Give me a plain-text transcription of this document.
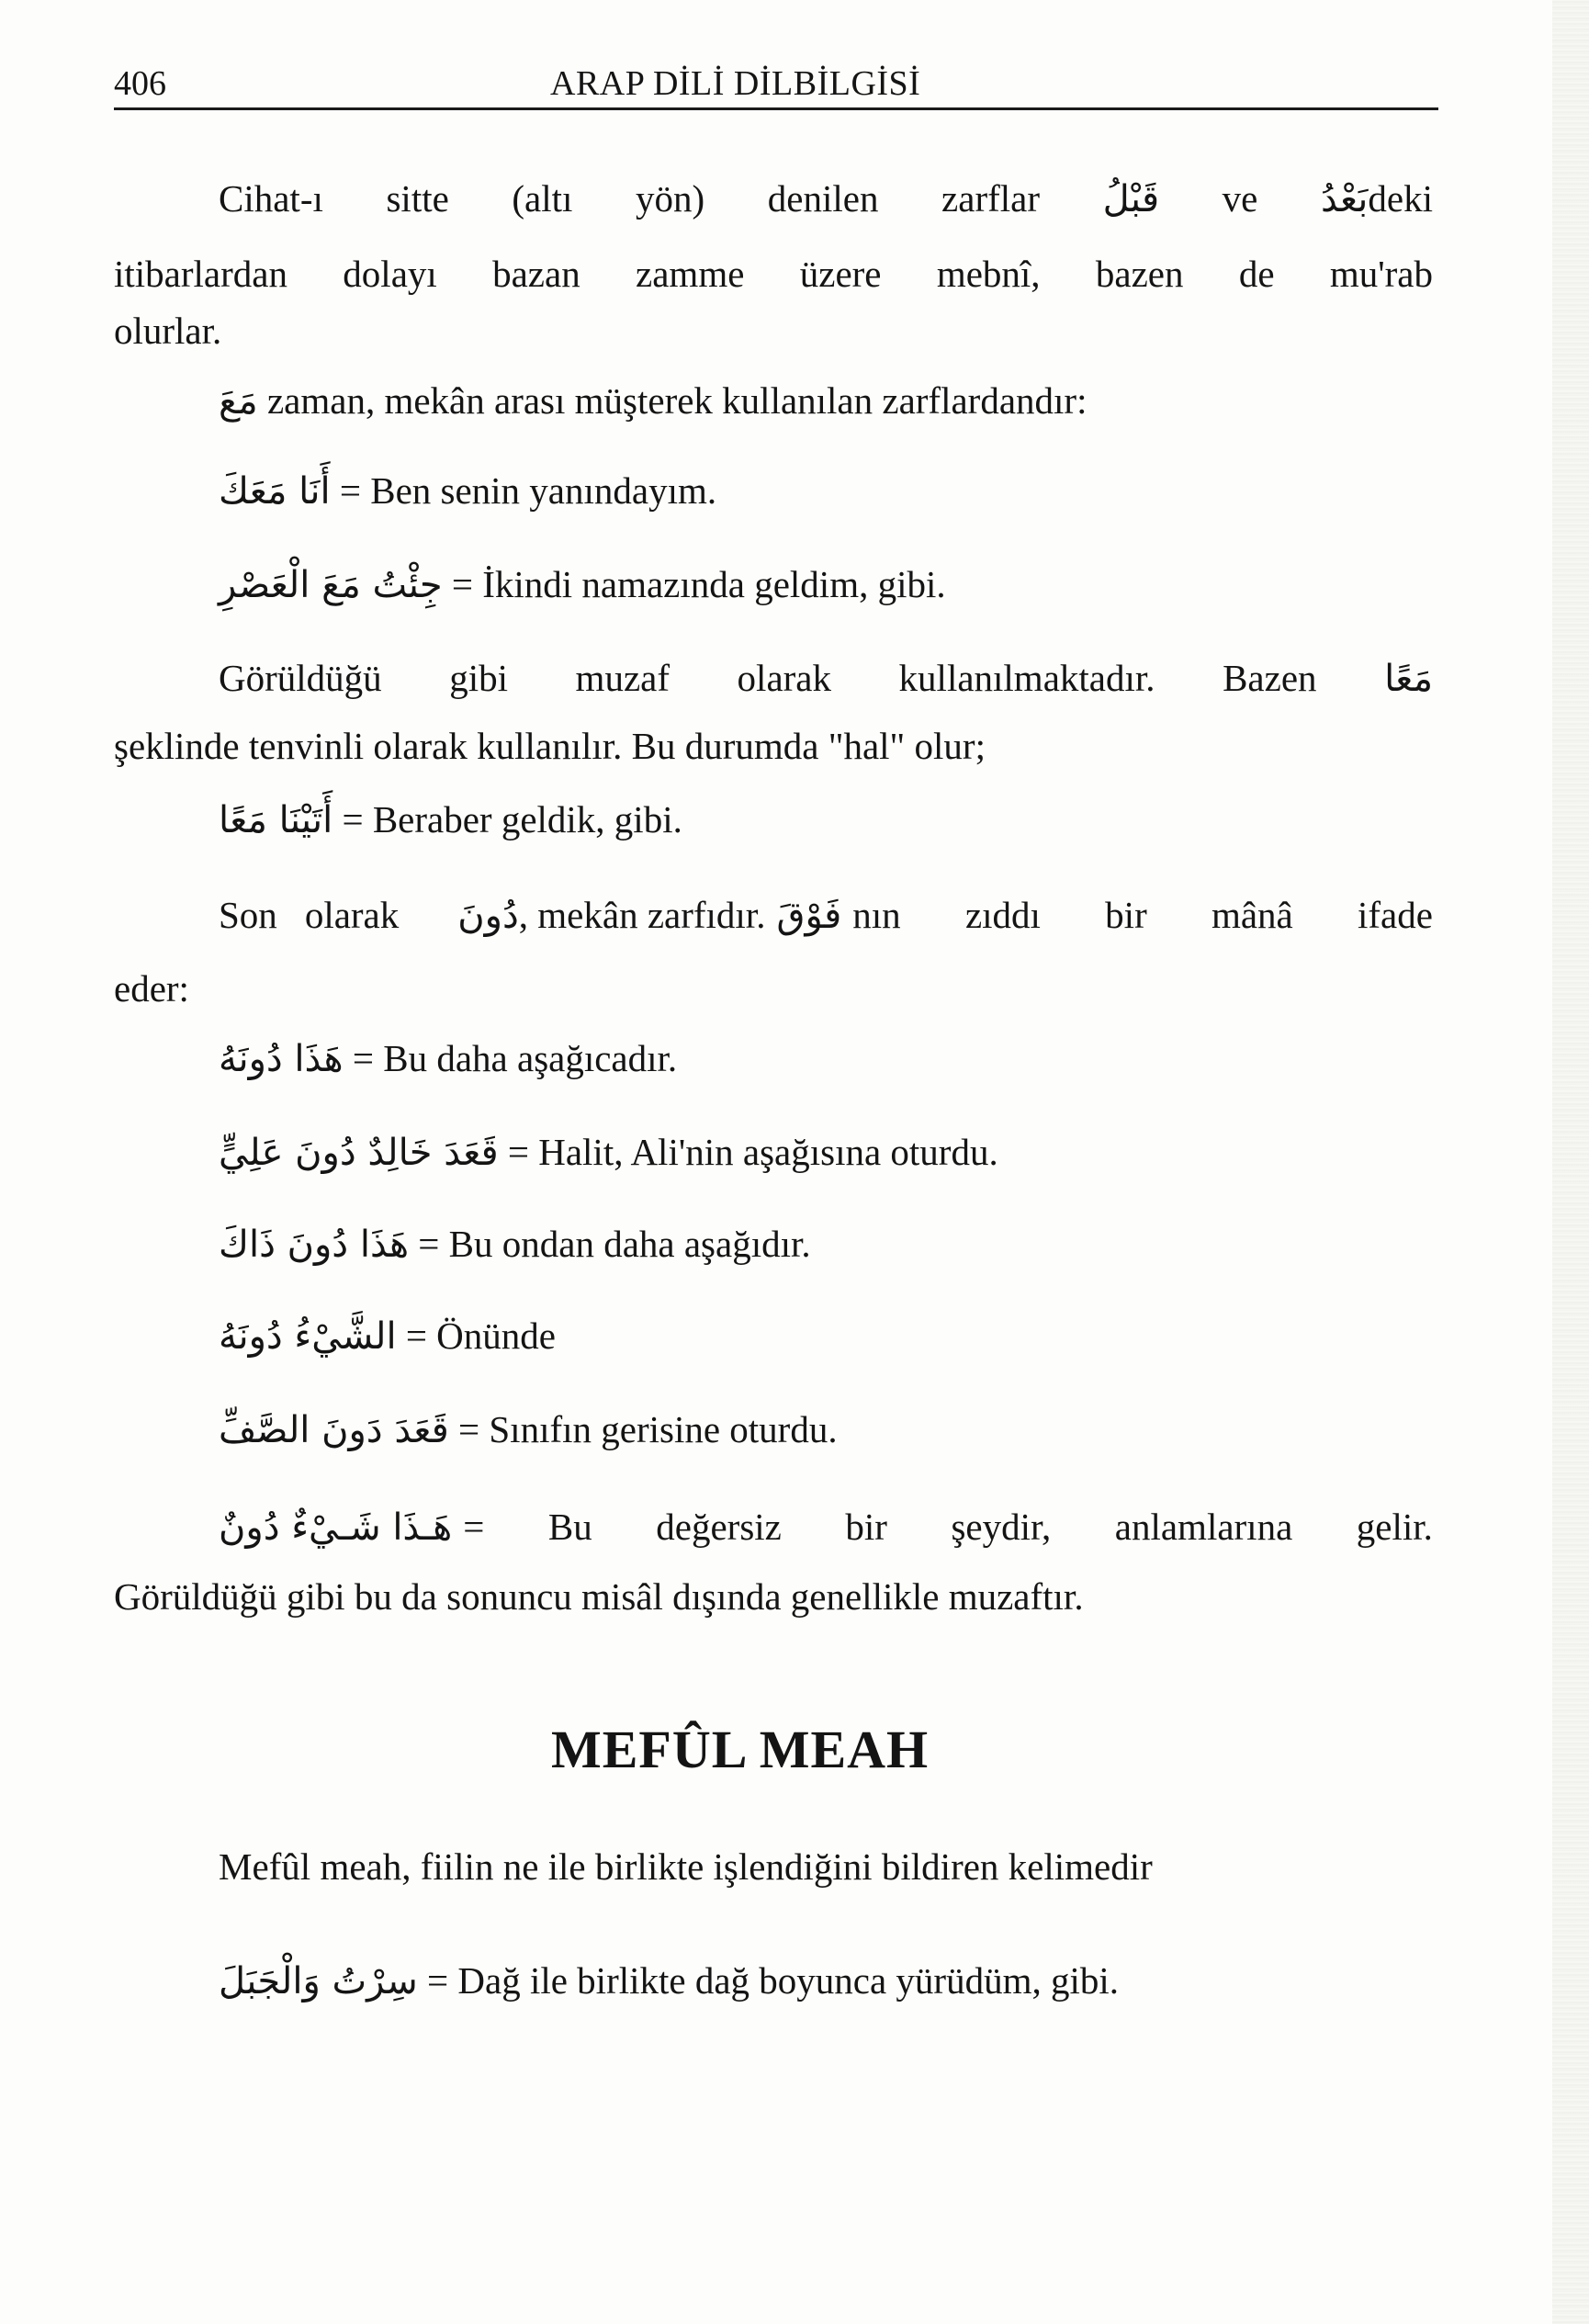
406	ARAP DİLİ DİLBİLGİSİ
Cihat-ı sitte (altı yön) denilen zarflar قَبْلُ ve بَعْدُ deki
itibarlardan dolayı bazan zamme üzere mebnî, bazen de mu'rab
olurlar.
مَعَ zaman, mekân arası müşterek kullanılan zarflardandır:
أَنَا مَعَكَ = Ben senin yanındayım.
جِئْتُ مَعَ الْعَصْرِ = İkindi namazında geldim, gibi.
Görüldüğü gibi muzaf olarak kullanılmaktadır. Bazen مَعًا
şeklinde tenvinli olarak kullanılır. Bu durumda "hal" olur;
أَتَيْنَا مَعًا = Beraber geldik, gibi.
Son olarak دُونَ , mekân zarfıdır. فَوْقَ nın zıddı bir mânâ ifade
eder:
هَذَا دُونَهُ = Bu daha aşağıcadır.
قَعَدَ خَالِدٌ دُونَ عَلِيٍّ = Halit, Ali'nin aşağısına oturdu.
هَذَا دُونَ ذَاكَ = Bu ondan daha aşağıdır.
الشَّيْءُ دُونَهُ = Önünde
قَعَدَ دَونَ الصَّفِّ = Sınıfın gerisine oturdu.
هَـذَا شَـيْءٌ دُونٌ = Bu değersiz bir şeydir, anlamlarına gelir.
Görüldüğü gibi bu da sonuncu misâl dışında genellikle muzaftır.
MEFÛL MEAH
Mefûl meah, fiilin ne ile birlikte işlendiğini bildiren kelimedir
سِرْتُ وَالْجَبَلَ = Dağ ile birlikte dağ boyunca yürüdüm, gibi.
